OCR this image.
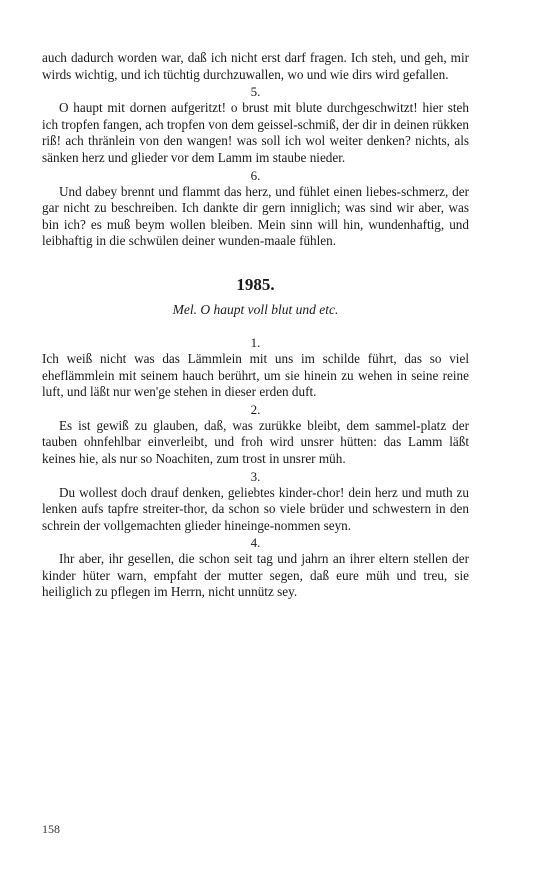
auch dadurch worden war, daß ich nicht erst darf fragen. Ich steh, und geh, mir wirds wichtig, und ich tüchtig durchzuwallen, wo und wie dirs wird gefallen.

5.

O haupt mit dornen aufgeritzt! o brust mit blute durchgeschwitzt! hier steh ich tropfen fangen, ach tropfen von dem geissel-schmiß, der dir in deinen rükken riß! ach thränlein von den wangen! was soll ich wol weiter denken? nichts, als sänken herz und glieder vor dem Lamm im staube nieder.

6.

Und dabey brennt und flammt das herz, und fühlet einen liebes-schmerz, der gar nicht zu beschreiben. Ich dankte dir gern inniglich; was sind wir aber, was bin ich? es muß beym wollen bleiben. Mein sinn will hin, wundenhaftig, und leibhaftig in die schwülen deiner wunden-maale fühlen.

1985.
Mel. O haupt voll blut und etc.
1.

Ich weiß nicht was das Lämmlein mit uns im schilde führt, das so viel eheflämmlein mit seinem hauch berührt, um sie hinein zu wehen in seine reine luft, und läßt nur wen'ge stehen in dieser erden duft.

2.

Es ist gewiß zu glauben, daß, was zurükke bleibt, dem sammel-platz der tauben ohnfehlbar einverleibt, und froh wird unsrer hütten: das Lamm läßt keines hie, als nur so Noachiten, zum trost in unsrer müh.

3.

Du wollest doch drauf denken, geliebtes kinder-chor! dein herz und muth zu lenken aufs tapfre streiter-thor, da schon so viele brüder und schwestern in den schrein der vollgemachten glieder hineinge-nommen seyn.

4.

Ihr aber, ihr gesellen, die schon seit tag und jahrn an ihrer eltern stellen der kinder hüter warn, empfaht der mutter segen, daß eure müh und treu, sie heiliglich zu pflegen im Herrn, nicht unnütz sey.

158
